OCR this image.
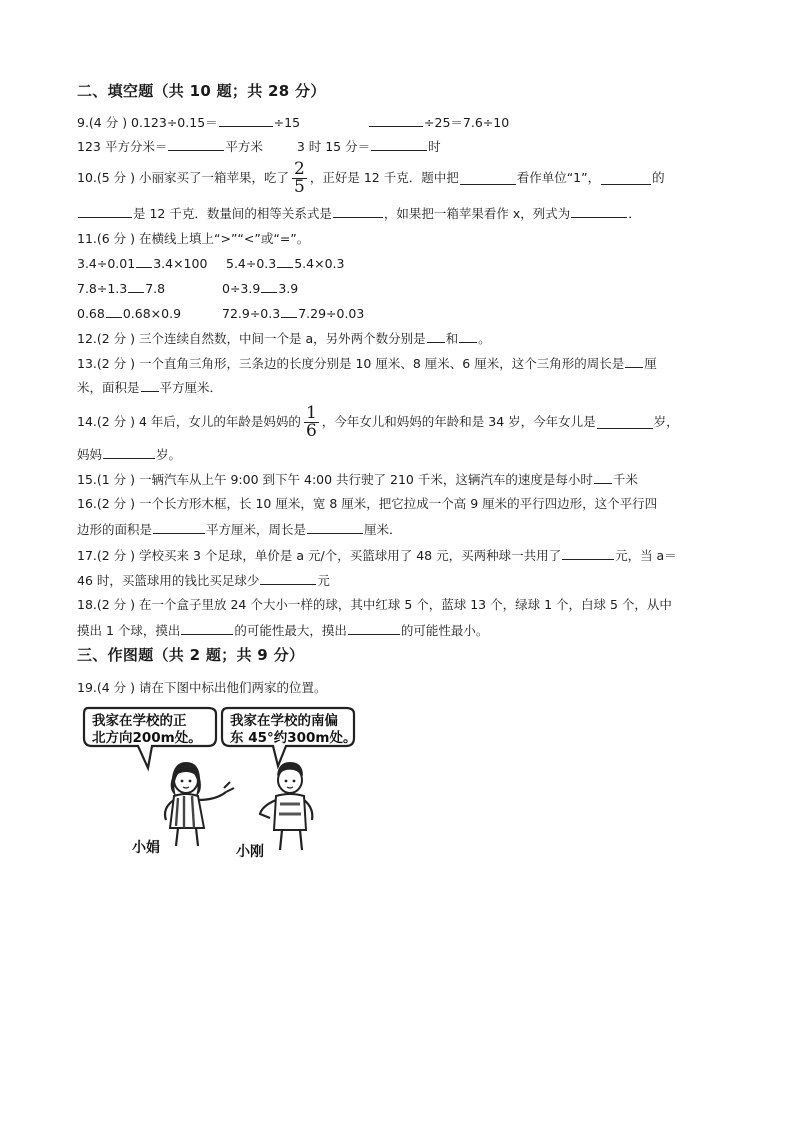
二、填空题（共 10 题；共 28 分）
9.(4 分 ) 0.123÷0.15＝	÷15	÷25＝7.6÷10
123 平方分米＝	平方米	3 时 15 分＝	时
10.(5 分 ) 小丽家买了一箱苹果，吃了 $\frac{2}{5}$ ，正好是 12 千克．题中把	看作单位“1”，	的
是 12 千克．数量间的相等关系式是	，如果把一箱苹果看作 x，列式为	．
11.(6 分 ) 在横线上填上“>”“<”或“=”。
3.4÷0.01 3.4×100 5.4÷0.3 5.4×0.3
7.8÷1.3 7.8	0÷3.9 3.9
0.68 0.68×0.9	72.9÷0.3 7.29÷0.03
12.(2 分 ) 三个连续自然数，中间一个是 a，另外两个数分别是 和 。
13.(2 分 ) 一个直角三角形，三条边的长度分别是 10 厘米、8 厘米、6 厘米，这个三角形的周长是 厘
米，面积是 平方厘米．
14.(2 分 ) 4 年后，女儿的年龄是妈妈的 $\frac{1}{6}$ ，今年女儿和妈妈的年龄和是 34 岁，今年女儿是	岁，
妈妈	岁。
15.(1 分 ) 一辆汽车从上午 9:00 到下午 4:00 共行驶了 210 千米，这辆汽车的速度是每小时 千米
16.(2 分 ) 一个长方形木框，长 10 厘米，宽 8 厘米，把它拉成一个高 9 厘米的平行四边形，这个平行四
边形的面积是	平方厘米，周长是	厘米．
17.(2 分 ) 学校买来 3 个足球，单价是 a 元/个，买篮球用了 48 元，买两种球一共用了	元，当 a＝
46 时，买篮球用的钱比买足球少	元
18.(2 分 ) 在一个盒子里放 24 个大小一样的球，其中红球 5 个，蓝球 13 个，绿球 1 个，白球 5 个，从中
摸出 1 个球，摸出	的可能性最大，摸出	的可能性最小。
三、作图题（共 2 题；共 9 分）
19.(4 分 ) 请在下图中标出他们两家的位置。
我家在学校的正
北方向200m处。
我家在学校的南偏
东 45°约300m处。
小娟	小刚
